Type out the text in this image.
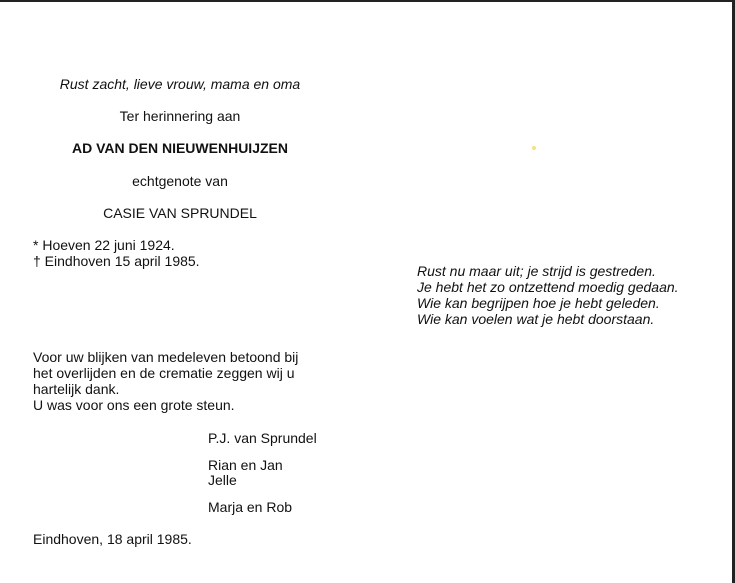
Rust zacht, lieve vrouw, mama en oma
Ter herinnering aan
AD VAN DEN NIEUWENHUIJZEN
echtgenote van
CASIE VAN SPRUNDEL
* Hoeven 22 juni 1924.
† Eindhoven 15 april 1985.
Voor uw blijken van medeleven betoond bij
het overlijden en de crematie zeggen wij u
hartelijk dank.
U was voor ons een grote steun.
P.J. van Sprundel
Rian en Jan
Jelle
Marja en Rob
Eindhoven, 18 april 1985.
Rust nu maar uit; je strijd is gestreden.
Je hebt het zo ontzettend moedig gedaan.
Wie kan begrijpen hoe je hebt geleden.
Wie kan voelen wat je hebt doorstaan.
